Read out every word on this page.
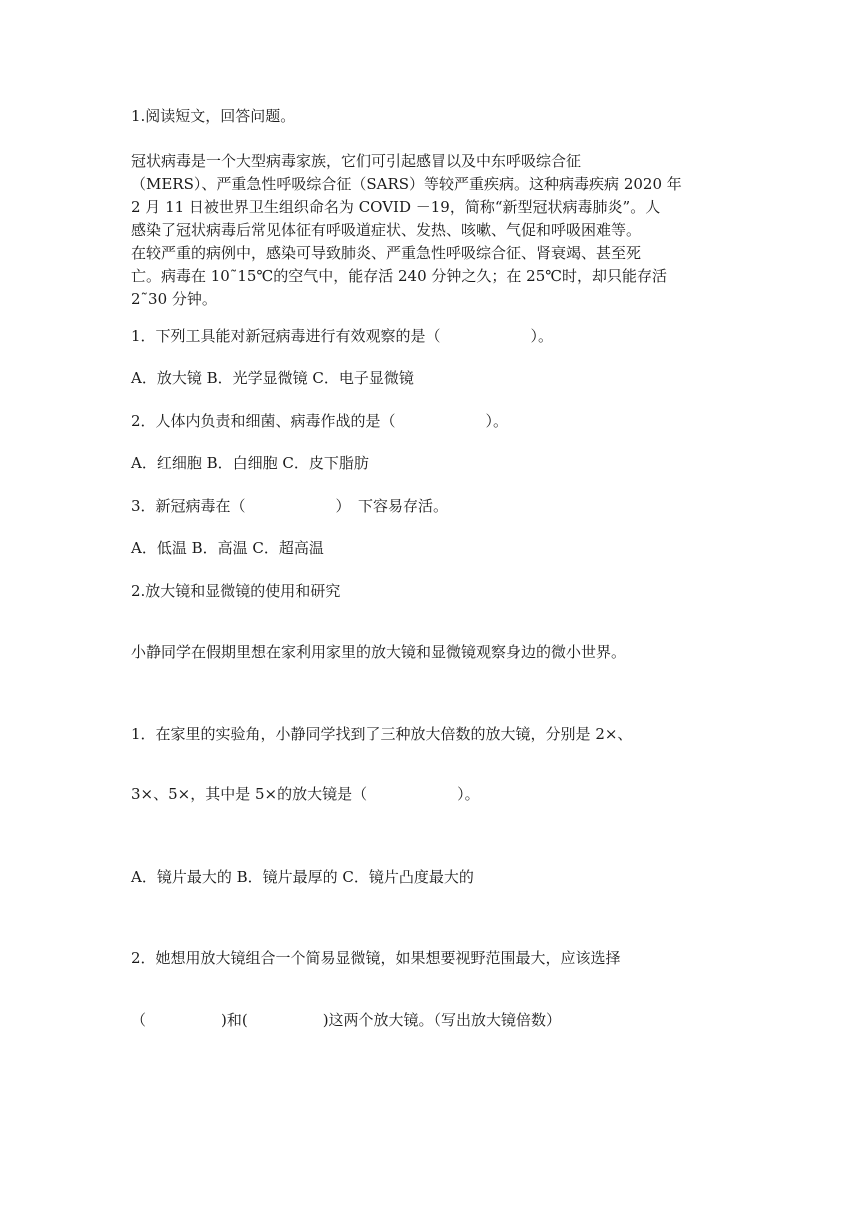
1.阅读短文，回答问题。
冠状病毒是一个大型病毒家族，它们可引起感冒以及中东呼吸综合征
（MERS）、严重急性呼吸综合征（SARS）等较严重疾病。这种病毒疾病 2020 年
2 月 11 日被世界卫生组织命名为 COVID －19，简称“新型冠状病毒肺炎”。人
感染了冠状病毒后常见体征有呼吸道症状、发热、咳嗽、气促和呼吸困难等。
在较严重的病例中，感染可导致肺炎、严重急性呼吸综合征、肾衰竭、甚至死
亡。病毒在 10˜15℃的空气中，能存活 240 分钟之久；在 25℃时，却只能存活
2˜30 分钟。
1．下列工具能对新冠病毒进行有效观察的是（　　　　　　）。
A．放大镜 B．光学显微镜 C．电子显微镜
2．人体内负责和细菌、病毒作战的是（　　　　　　）。
A．红细胞 B．白细胞 C．皮下脂肪
3．新冠病毒在（　　　　　　）　下容易存活。
A．低温 B．高温 C．超高温
2.放大镜和显微镜的使用和研究
小静同学在假期里想在家利用家里的放大镜和显微镜观察身边的微小世界。
1．在家里的实验角，小静同学找到了三种放大倍数的放大镜，分别是 2×、
3×、5×，其中是 5×的放大镜是（　　　　　　）。
A．镜片最大的 B．镜片最厚的 C．镜片凸度最大的
2．她想用放大镜组合一个简易显微镜，如果想要视野范围最大，应该选择
（　　　　　)和(　　　　　)这两个放大镜。（写出放大镜倍数）
